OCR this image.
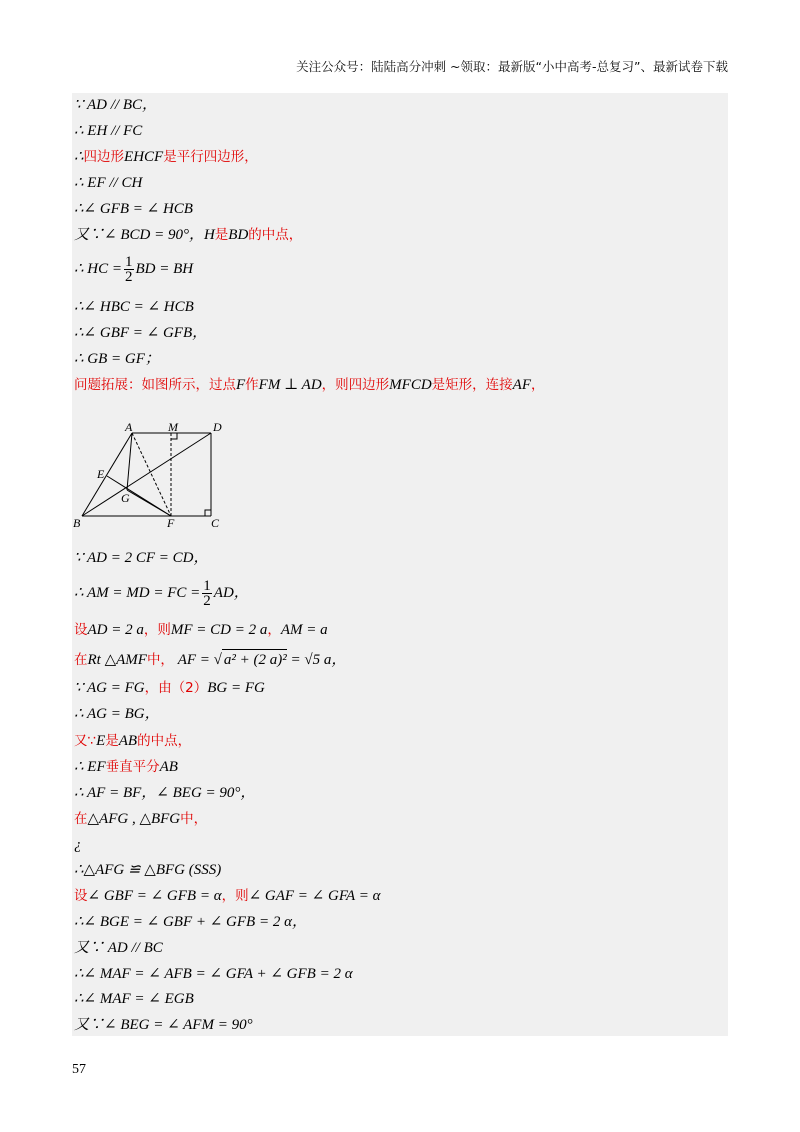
关注公众号：陆陆高分冲刺 ~领取：最新版“小中高考-总复习”、最新试卷下载
∵ AD // BC，
∴ EH // FC
∴四边形EHCF是平行四边形，
∴ EF // CH
∴∠ GFB = ∠ HCB
又∵∠ BCD = 90°，H是BD的中点，
∴ HC = $\frac{1}{2}$ BD = BH
∴∠ HBC = ∠ HCB
∴∠ GBF = ∠ GFB，
∴ GB = GF；
问题拓展：如图所示，过点F作FM ⊥ AD，则四边形MFCD是矩形，连接AF，
A	M	D
E
G
B	F	C
∵ AD = 2 CF = CD，
∴ AM = MD = FC = $\frac{1}{2}$ AD，
设AD = 2 a，则MF = CD = 2 a，AM = a
在Rt △AMF中， AF = √ a² + (2 a)² = √5 a，
∵ AG = FG，由（2）BG = FG
∴ AG = BG，
又∵E是AB的中点，
∴ EF垂直平分AB
∴ AF = BF，∠ BEG = 90°，
在△AFG , △BFG中，
¿
∴△AFG ≌ △BFG (SSS)
设∠ GBF = ∠ GFB = α，则∠ GAF = ∠ GFA = α
∴∠ BGE = ∠ GBF + ∠ GFB = 2 α，
又∵ AD // BC
∴∠ MAF = ∠ AFB = ∠ GFA + ∠ GFB = 2 α
∴∠ MAF = ∠ EGB
又∵∠ BEG = ∠ AFM = 90°
57
